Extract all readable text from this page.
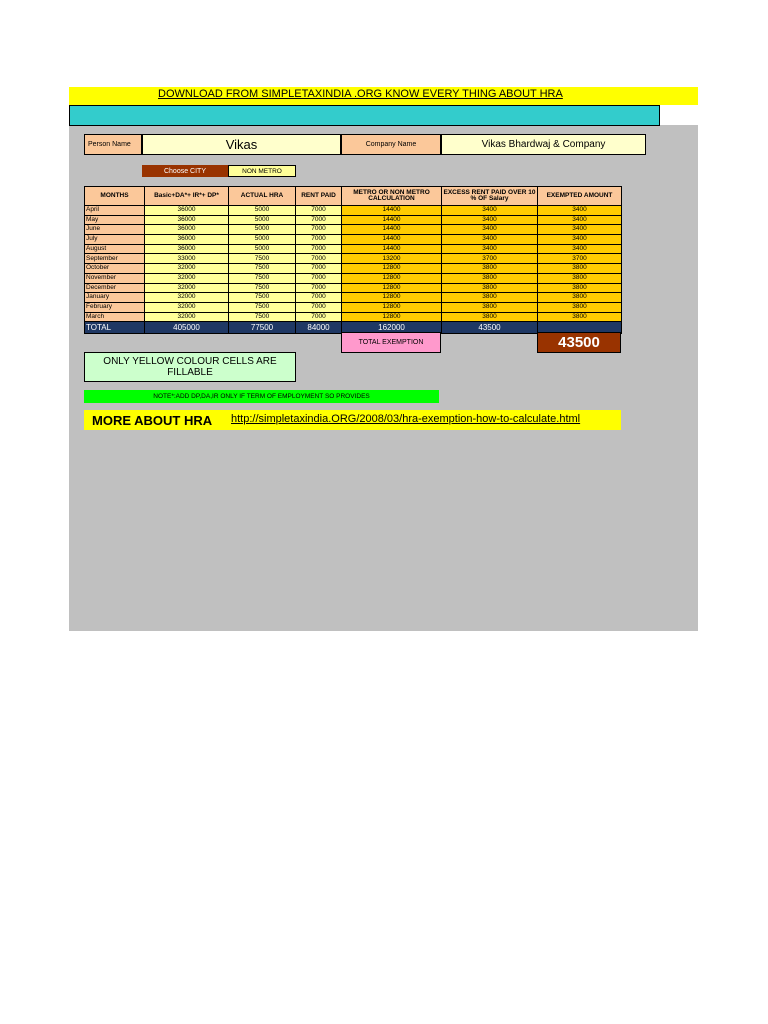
DOWNLOAD FROM SIMPLETAXINDIA .ORG KNOW EVERY THING ABOUT HRA
Person Name	Vikas	Company Name	Vikas Bhardwaj & Company
Choose CITY	NON METRO
MONTHS	Basic+DA*+ IR*+ DP*	ACTUAL HRA	RENT PAID	METRO OR NON METRO CALCULATION	EXCESS RENT PAID OVER 10 % OF Salary	EXEMPTED AMOUNT
April	36000	5000	7000	14400	3400	3400
May	36000	5000	7000	14400	3400	3400
June	36000	5000	7000	14400	3400	3400
July	36000	5000	7000	14400	3400	3400
August	36000	5000	7000	14400	3400	3400
September	33000	7500	7000	13200	3700	3700
October	32000	7500	7000	12800	3800	3800
November	32000	7500	7000	12800	3800	3800
December	32000	7500	7000	12800	3800	3800
January	32000	7500	7000	12800	3800	3800
February	32000	7500	7000	12800	3800	3800
March	32000	7500	7000	12800	3800	3800
TOTAL	405000	77500	84000	162000	43500	
TOTAL EXEMPTION	43500
ONLY YELLOW COLOUR CELLS ARE FILLABLE
NOTE*:ADD DP,DA,IR ONLY IF TERM OF EMPLOYMENT SO PROVIDES
MORE ABOUT HRA http://simpletaxindia.ORG/2008/03/hra-exemption-how-to-calculate.html
